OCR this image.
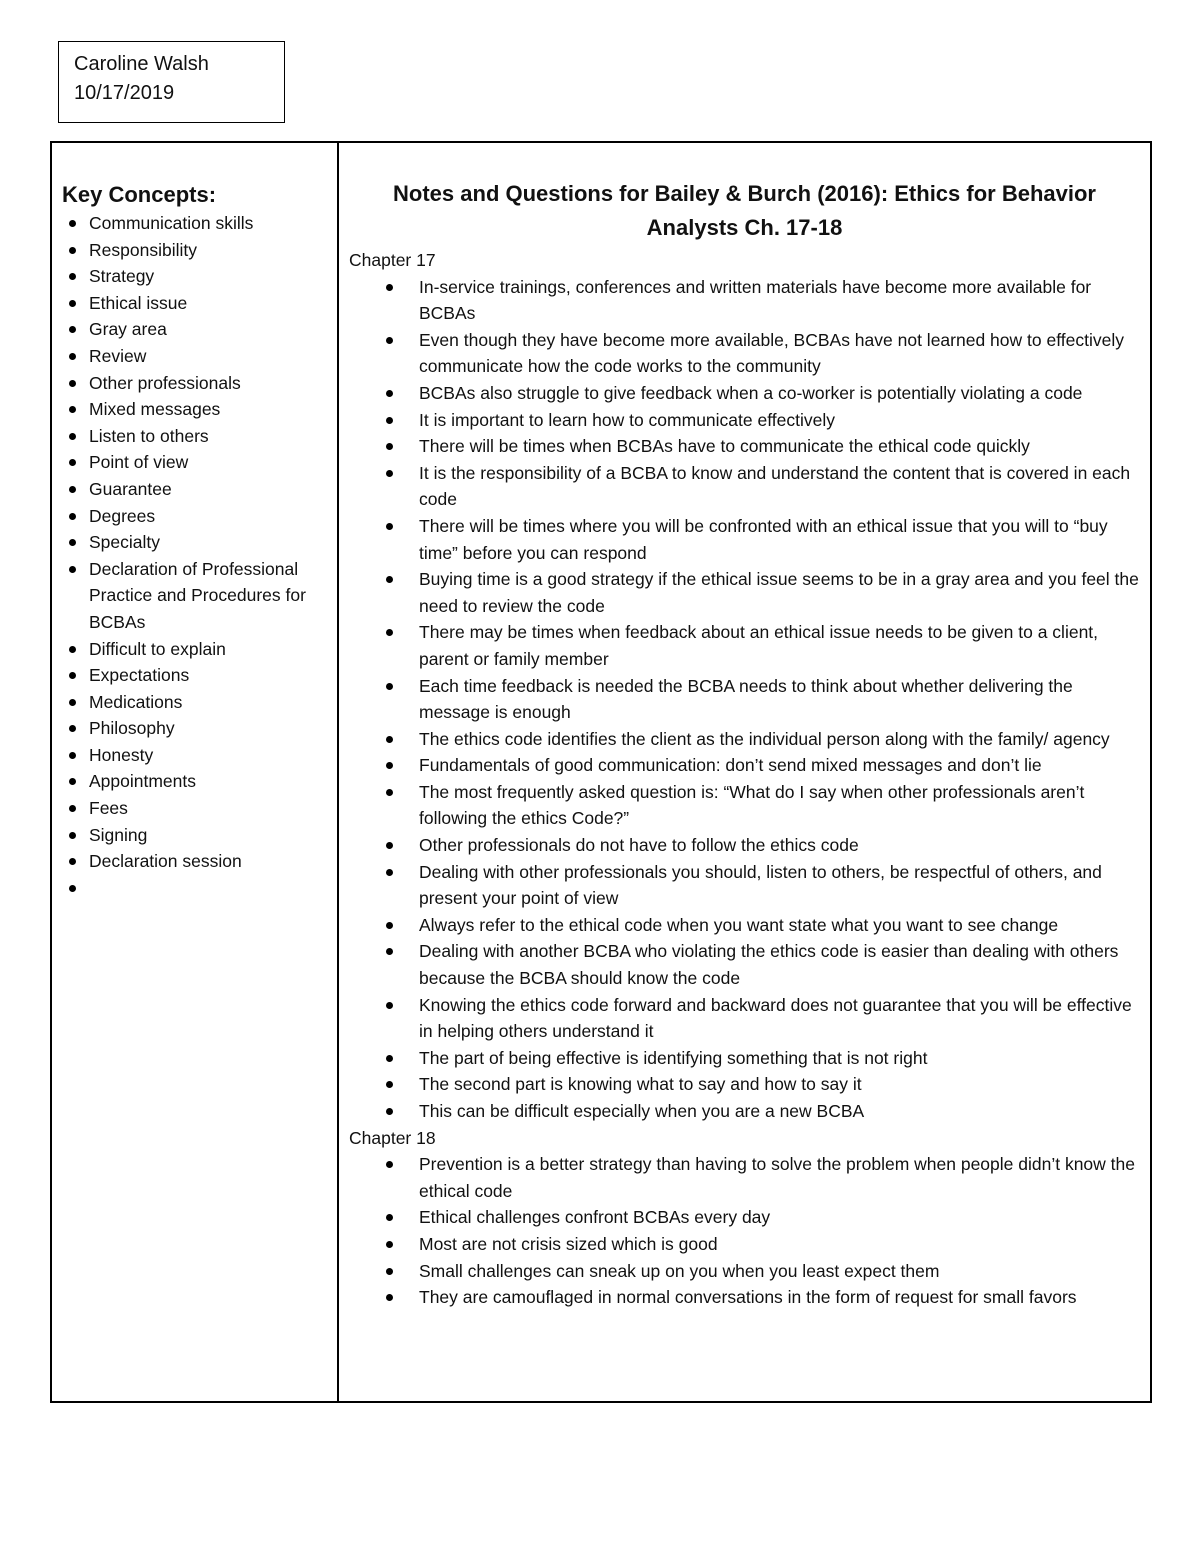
Caroline Walsh
10/17/2019
Key Concepts:
Communication skills
Responsibility
Strategy
Ethical issue
Gray area
Review
Other professionals
Mixed messages
Listen to others
Point of view
Guarantee
Degrees
Specialty
Declaration of Professional Practice and Procedures for BCBAs
Difficult to explain
Expectations
Medications
Philosophy
Honesty
Appointments
Fees
Signing
Declaration session
Notes and Questions for Bailey & Burch (2016): Ethics for Behavior Analysts Ch. 17-18
Chapter 17
In-service trainings, conferences and written materials have become more available for BCBAs
Even though they have become more available, BCBAs have not learned how to effectively communicate how the code works to the community
BCBAs also struggle to give feedback when a co-worker is potentially violating a code
It is important to learn how to communicate effectively
There will be times when BCBAs have to communicate the ethical code quickly
It is the responsibility of a BCBA to know and understand the content that is covered in each code
There will be times where you will be confronted with an ethical issue that you will to “buy time” before you can respond
Buying time is a good strategy if the ethical issue seems to be in a gray area and you feel the need to review the code
There may be times when feedback about an ethical issue needs to be given to a client, parent or family member
Each time feedback is needed the BCBA needs to think about whether delivering the message is enough
The ethics code identifies the client as the individual person along with the family/ agency
Fundamentals of good communication: don’t send mixed messages and don’t lie
The most frequently asked question is: “What do I say when other professionals aren’t following the ethics Code?”
Other professionals do not have to follow the ethics code
Dealing with other professionals you should, listen to others, be respectful of others, and present your point of view
Always refer to the ethical code when you want state what you want to see change
Dealing with another BCBA who violating the ethics code is easier than dealing with others because the BCBA should know the code
Knowing the ethics code forward and backward does not guarantee that you will be effective in helping others understand it
The part of being effective is identifying something that is not right
The second part is knowing what to say and how to say it
This can be difficult especially when you are a new BCBA
Chapter 18
Prevention is a better strategy than having to solve the problem when people didn’t know the ethical code
Ethical challenges confront BCBAs every day
Most are not crisis sized which is good
Small challenges can sneak up on you when you least expect them
They are camouflaged in normal conversations in the form of request for small favors
